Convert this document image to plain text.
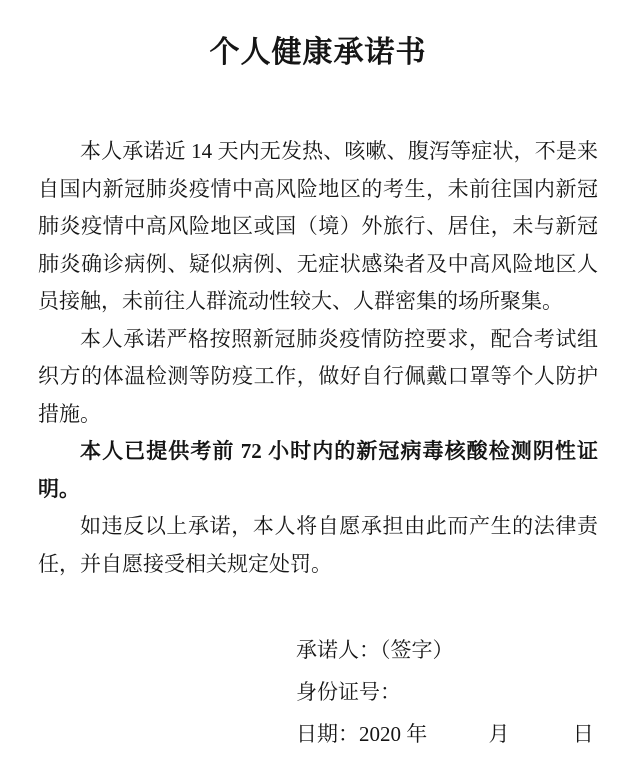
个人健康承诺书

本人承诺近 14 天内无发热、咳嗽、腹泻等症状，不是来自国内新冠肺炎疫情中高风险地区的考生，未前往国内新冠肺炎疫情中高风险地区或国（境）外旅行、居住，未与新冠肺炎确诊病例、疑似病例、无症状感染者及中高风险地区人员接触，未前往人群流动性较大、人群密集的场所聚集。

本人承诺严格按照新冠肺炎疫情防控要求，配合考试组织方的体温检测等防疫工作，做好自行佩戴口罩等个人防护措施。

本人已提供考前 72 小时内的新冠病毒核酸检测阴性证明。

如违反以上承诺，本人将自愿承担由此而产生的法律责任，并自愿接受相关规定处罚。

承诺人：（签字）

身份证号：

日期：2020 年	月	日
